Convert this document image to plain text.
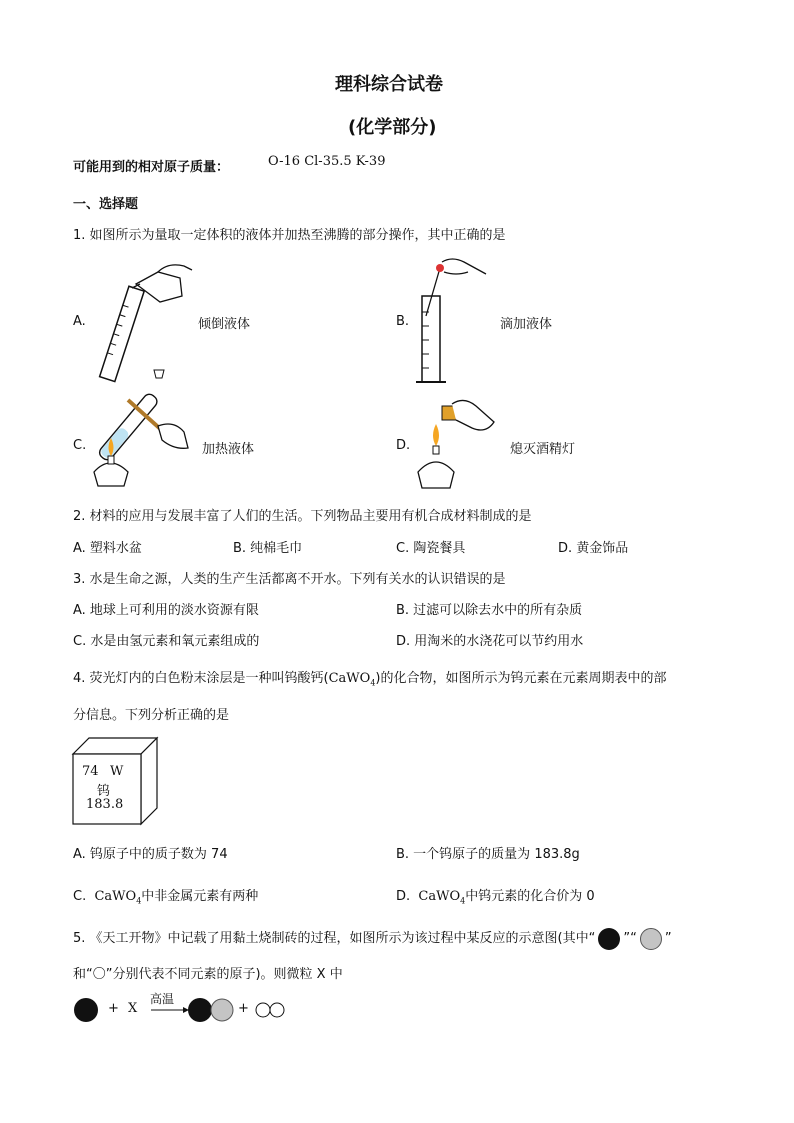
理科综合试卷
(化学部分)
可能用到的相对原子质量：	O-16 Cl-35.5 K-39
一、选择题
1. 如图所示为量取一定体积的液体并加热至沸腾的部分操作，其中正确的是
A.	倾倒液体	B.	滴加液体
C.	加热液体	D.	熄灭酒精灯
2. 材料的应用与发展丰富了人们的生活。下列物品主要用有机合成材料制成的是
A. 塑料水盆	B. 纯棉毛巾	C. 陶瓷餐具	D. 黄金饰品
3. 水是生命之源，人类的生产生活都离不开水。下列有关水的认识错误的是
A. 地球上可利用的淡水资源有限	B. 过滤可以除去水中的所有杂质
C. 水是由氢元素和氧元素组成的	D. 用淘米的水浇花可以节约用水
4. 荧光灯内的白色粉末涂层是一种叫钨酸钙(CaWO$_4$)的化合物，如图所示为钨元素在元素周期表中的部
分信息。下列分析正确的是
74 W
钨
183.8
A. 钨原子中的质子数为 74	B. 一个钨原子的质量为 183.8g
C. CaWO$_4$中非金属元素有两种	D. CaWO$_4$中钨元素的化合价为 0
5. 《天工开物》中记载了用黏土烧制砖的过程，如图所示为该过程中某反应的示意图(其中“ ”“ ”
和“〇”分别代表不同元素的原子)。则微粒 X 中
+ X
高温
+
